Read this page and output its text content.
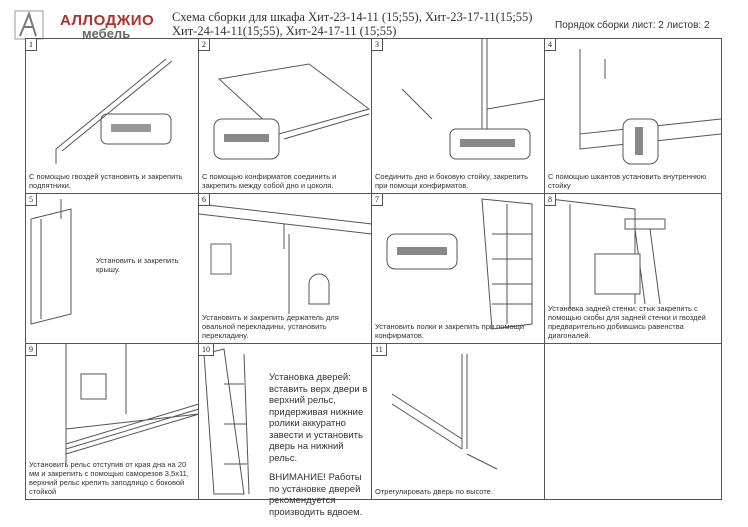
АЛЛОДЖИО
мебель
Схема сборки для шкафа Хит-23-14-11 (15;55), Хит-23-17-11(15;55)
Хит-24-14-11(15;55), Хит-24-17-11 (15;55)	Порядок сборки лист: 2 листов: 2
1
С помощью гвоздей установить и закрепить подпятники.
2
С помощью конфирматов соединить и закрепить между собой дно и цоколя.
3
Соединить дно и боковую стойку, закрепить при помощи конфирматов.
4
С помощью шкантов установить внутреннюю стойку
5
Установить и закрепить крышу.
6
Установить и закрепить держатель для овальной перекладины, установить перекладину.
7
Установить полки и закрепить при помощи конфирматов.
8
Установка задней стенки: стык закрепить с помощью скобы для задней стенки и гвоздей предварительно добившись равенства диагоналей.
9
Установить рельс отступив от края дна на 20 мм и закрепить с помощью саморезов 3,5х11, верхний рельс крепить заподлицо с боковой стойкой
10
Установка дверей: вставить верх двери в верхний рельс, придерживая нижние ролики аккуратно завести и установить дверь на нижний рельс.
ВНИМАНИЕ! Работы по установке дверей рекомендуется производить вдвоем.
11
Отрегулировать дверь по высоте.
